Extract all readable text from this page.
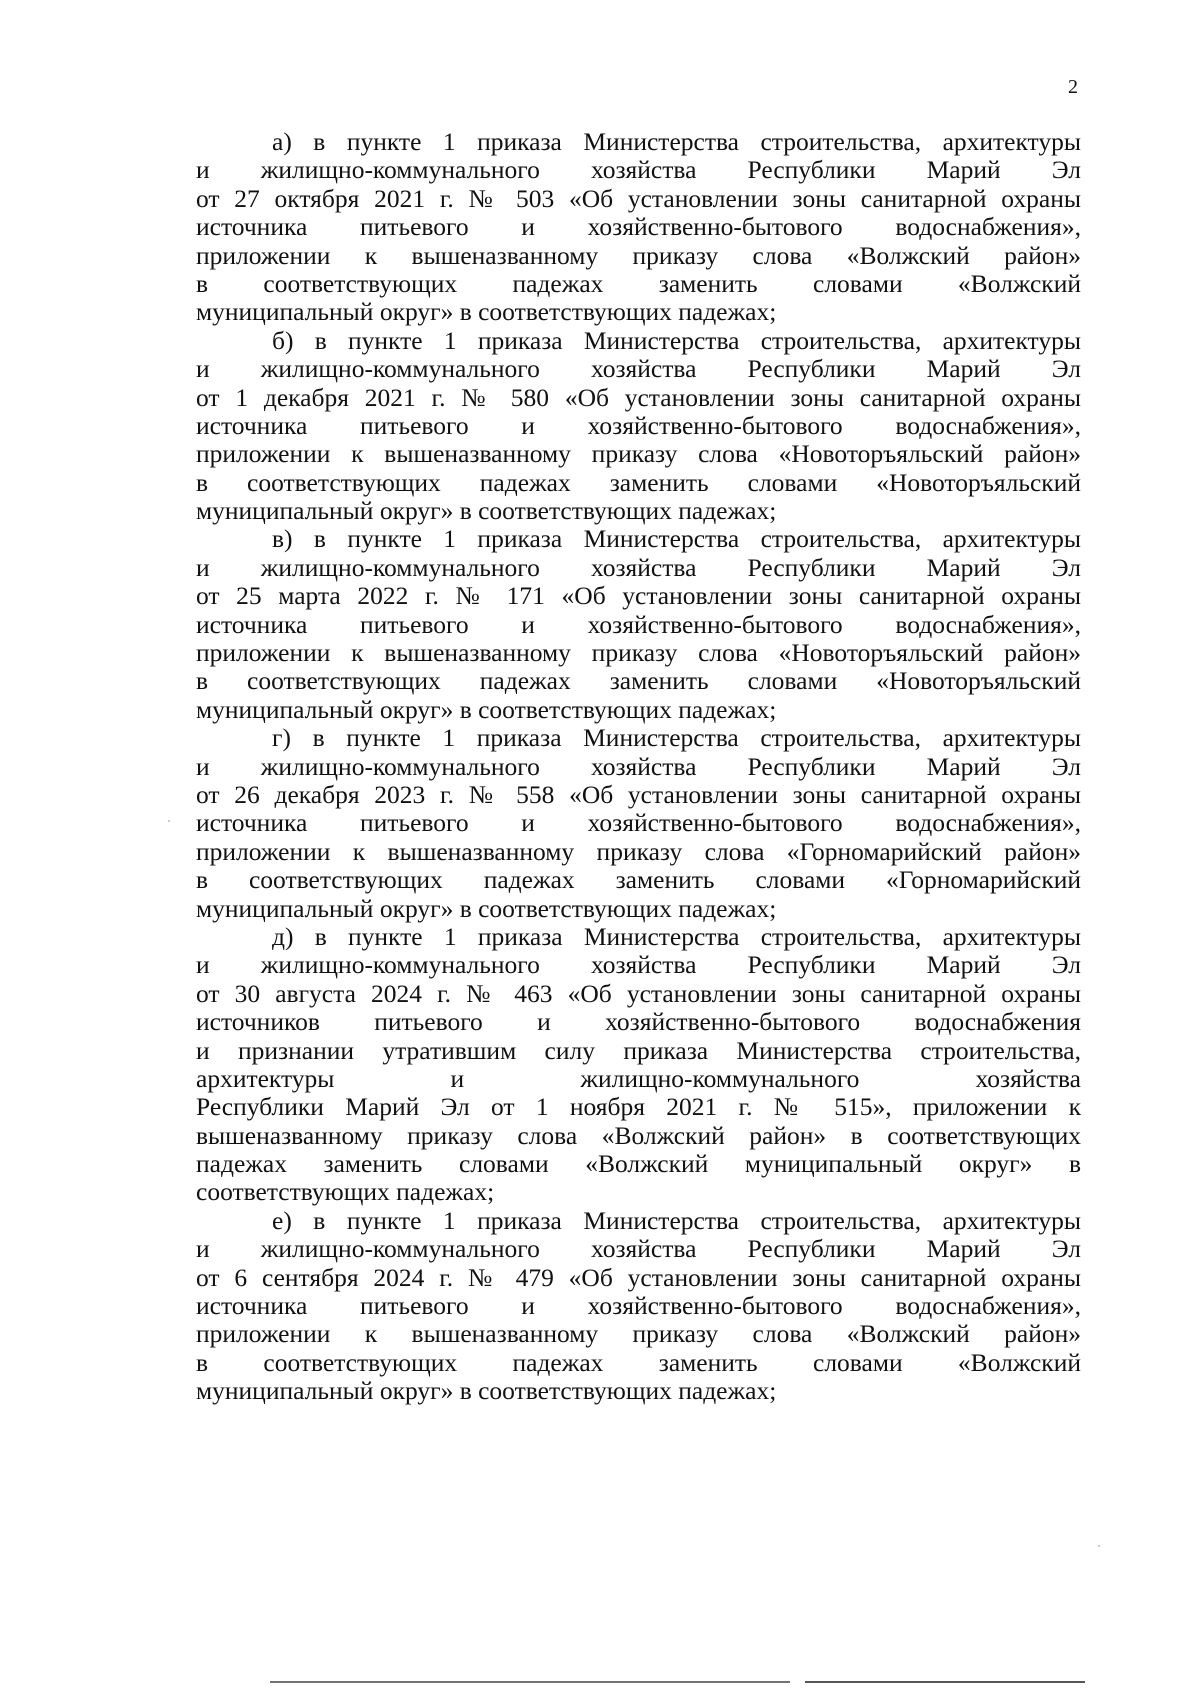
2
а) в пункте 1 приказа Министерства строительства, архитектуры
и жилищно-коммунального хозяйства Республики Марий Эл
от 27 октября 2021 г. № 503 «Об установлении зоны санитарной охраны
источника питьевого и хозяйственно-бытового водоснабжения»,
приложении к вышеназванному приказу слова «Волжский район»
в соответствующих падежах заменить словами «Волжский
муниципальный округ» в соответствующих падежах;
б) в пункте 1 приказа Министерства строительства, архитектуры
и жилищно-коммунального хозяйства Республики Марий Эл
от 1 декабря 2021 г. № 580 «Об установлении зоны санитарной охраны
источника питьевого и хозяйственно-бытового водоснабжения»,
приложении к вышеназванному приказу слова «Новоторъяльский район»
в соответствующих падежах заменить словами «Новоторъяльский
муниципальный округ» в соответствующих падежах;
в) в пункте 1 приказа Министерства строительства, архитектуры
и жилищно-коммунального хозяйства Республики Марий Эл
от 25 марта 2022 г. № 171 «Об установлении зоны санитарной охраны
источника питьевого и хозяйственно-бытового водоснабжения»,
приложении к вышеназванному приказу слова «Новоторъяльский район»
в соответствующих падежах заменить словами «Новоторъяльский
муниципальный округ» в соответствующих падежах;
г) в пункте 1 приказа Министерства строительства, архитектуры
и жилищно-коммунального хозяйства Республики Марий Эл
от 26 декабря 2023 г. № 558 «Об установлении зоны санитарной охраны
источника питьевого и хозяйственно-бытового водоснабжения»,
приложении к вышеназванному приказу слова «Горномарийский район»
в соответствующих падежах заменить словами «Горномарийский
муниципальный округ» в соответствующих падежах;
д) в пункте 1 приказа Министерства строительства, архитектуры
и жилищно-коммунального хозяйства Республики Марий Эл
от 30 августа 2024 г. № 463 «Об установлении зоны санитарной охраны
источников питьевого и хозяйственно-бытового водоснабжения
и признании утратившим силу приказа Министерства строительства,
архитектуры и жилищно-коммунального хозяйства
Республики Марий Эл от 1 ноября 2021 г. № 515», приложении к
вышеназванному приказу слова «Волжский район» в соответствующих
падежах заменить словами «Волжский муниципальный округ» в
соответствующих падежах;
е) в пункте 1 приказа Министерства строительства, архитектуры
и жилищно-коммунального хозяйства Республики Марий Эл
от 6 сентября 2024 г. № 479 «Об установлении зоны санитарной охраны
источника питьевого и хозяйственно-бытового водоснабжения»,
приложении к вышеназванному приказу слова «Волжский район»
в соответствующих падежах заменить словами «Волжский
муниципальный округ» в соответствующих падежах;
